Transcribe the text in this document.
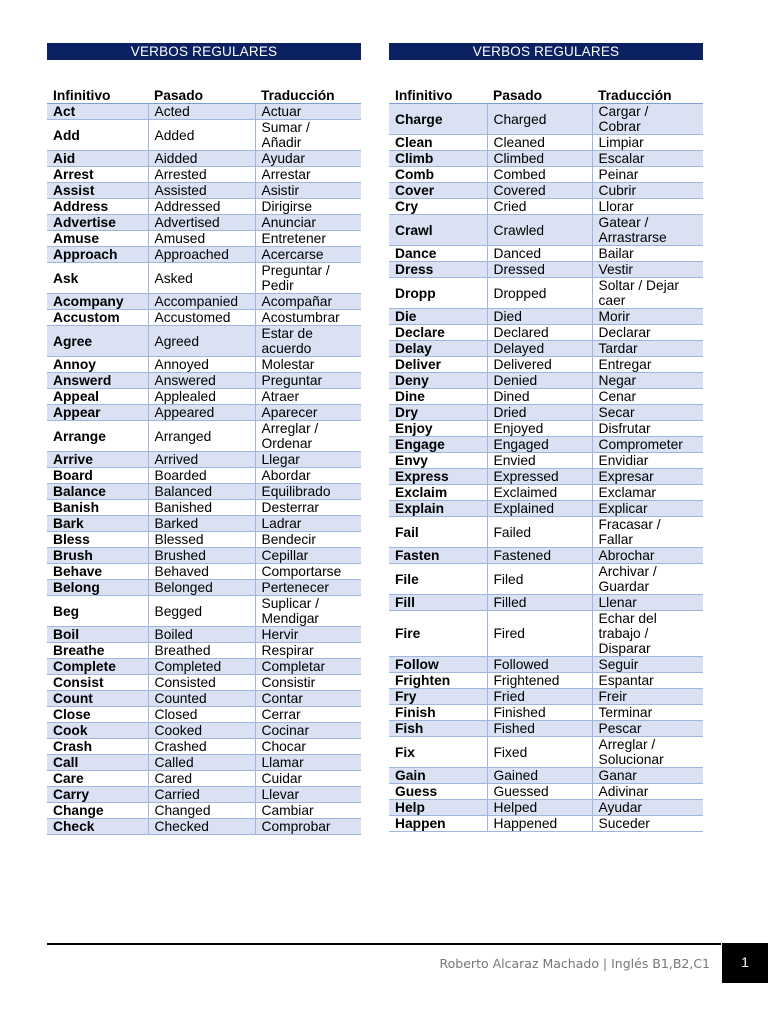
VERBOS REGULARES
Infinitivo	Pasado	Traducción
Act	Acted	Actuar
Add	Added	Sumar /
Añadir
Aid	Aidded	Ayudar
Arrest	Arrested	Arrestar
Assist	Assisted	Asistir
Address	Addressed	Dirigirse
Advertise	Advertised	Anunciar
Amuse	Amused	Entretener
Approach	Approached	Acercarse
Ask	Asked	Preguntar /
Pedir
Acompany	Accompanied	Acompañar
Accustom	Accustomed	Acostumbrar
Agree	Agreed	Estar de
acuerdo
Annoy	Annoyed	Molestar
Answerd	Answered	Preguntar
Appeal	Applealed	Atraer
Appear	Appeared	Aparecer
Arrange	Arranged	Arreglar /
Ordenar
Arrive	Arrived	Llegar
Board	Boarded	Abordar
Balance	Balanced	Equilibrado
Banish	Banished	Desterrar
Bark	Barked	Ladrar
Bless	Blessed	Bendecir
Brush	Brushed	Cepillar
Behave	Behaved	Comportarse
Belong	Belonged	Pertenecer
Beg	Begged	Suplicar /
Mendigar
Boil	Boiled	Hervir
Breathe	Breathed	Respirar
Complete	Completed	Completar
Consist	Consisted	Consistir
Count	Counted	Contar
Close	Closed	Cerrar
Cook	Cooked	Cocinar
Crash	Crashed	Chocar
Call	Called	Llamar
Care	Cared	Cuidar
Carry	Carried	Llevar
Change	Changed	Cambiar
Check	Checked	Comprobar
VERBOS REGULARES
Infinitivo	Pasado	Traducción
Charge	Charged	Cargar /
Cobrar
Clean	Cleaned	Limpiar
Climb	Climbed	Escalar
Comb	Combed	Peinar
Cover	Covered	Cubrir
Cry	Cried	Llorar
Crawl	Crawled	Gatear /
Arrastrarse
Dance	Danced	Bailar
Dress	Dressed	Vestir
Dropp	Dropped	Soltar / Dejar
caer
Die	Died	Morir
Declare	Declared	Declarar
Delay	Delayed	Tardar
Deliver	Delivered	Entregar
Deny	Denied	Negar
Dine	Dined	Cenar
Dry	Dried	Secar
Enjoy	Enjoyed	Disfrutar
Engage	Engaged	Comprometer
Envy	Envied	Envidiar
Express	Expressed	Expresar
Exclaim	Exclaimed	Exclamar
Explain	Explained	Explicar
Fail	Failed	Fracasar /
Fallar
Fasten	Fastened	Abrochar
File	Filed	Archivar /
Guardar
Fill	Filled	Llenar
Fire	Fired	Echar del
trabajo /
Disparar
Follow	Followed	Seguir
Frighten	Frightened	Espantar
Fry	Fried	Freir
Finish	Finished	Terminar
Fish	Fished	Pescar
Fix	Fixed	Arreglar /
Solucionar
Gain	Gained	Ganar
Guess	Guessed	Adivinar
Help	Helped	Ayudar
Happen	Happened	Suceder
Roberto Alcaraz Machado | Inglés B1,B2,C1	1
